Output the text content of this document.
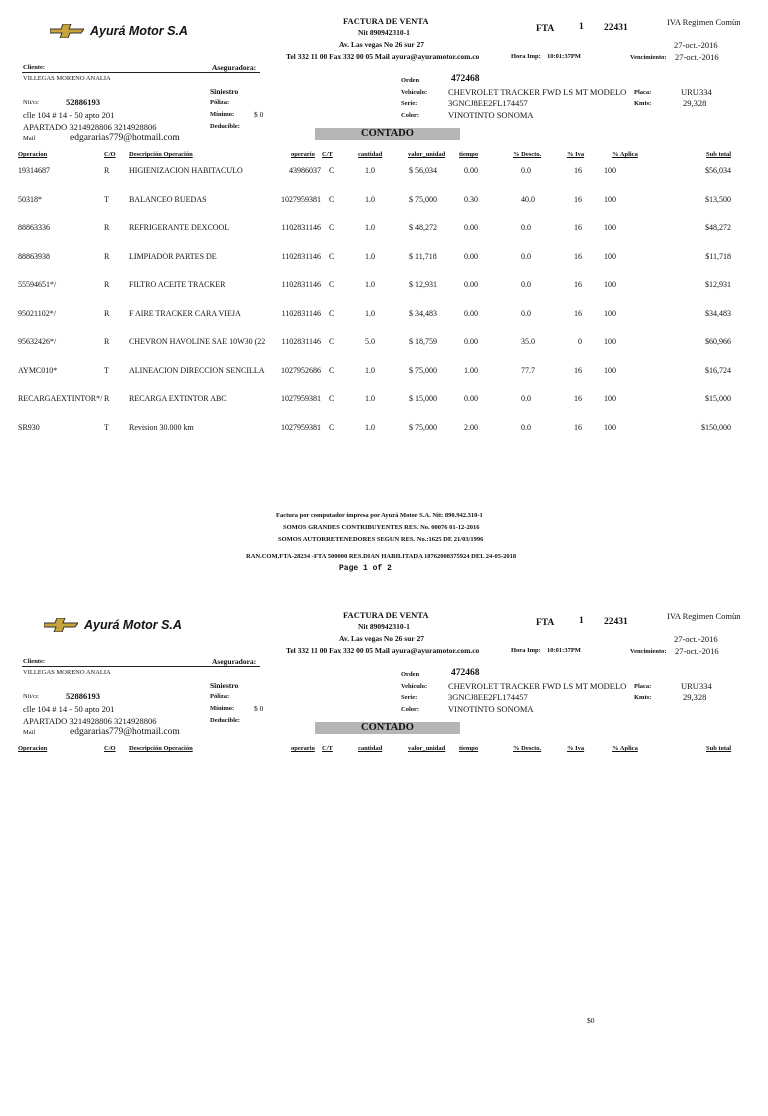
Ayurá Motor S.A
FACTURA DE VENTA
Nit 890942310-1
Av. Las vegas No 26 sur 27
Tel 332 11 00 Fax 332 00 05 Mail ayura@ayuramotor.com.co
FTA	1 22431
IVA Regimen Comùn
27-oct.-2016
Hora Imp: 10:01:37PM	Vencimiento: 27-oct.-2016
Cliente:	Aseguradora:
VILLEGAS MORENO ANALIA
Nit/cc	52886193
clle 104 # 14 - 50 apto 201
APARTADO 3214928806 3214928806
Mail	edgararias779@hotmail.com
Siniestro
Póliza:
Mínimo:	$ 0
Deducible:
Orden	472468
Vehículo: CHEVROLET TRACKER FWD LS MT MODELO
Serie:	3GNCJ8EE2FL174457
Color:	VINOTINTO SONOMA
Placa:	URU334
Kmts:	29,328
CONTADO
Operacion	C/O Descripción Operación	operario C/T	cantidad	valor_unidad tiempo	% Descto.	% Iva	% Aplica	Sub total
19314687	R HIGIENIZACION HABITACULO	43986037 C	1.0	$ 56,034	0.00	0.0	16	100	$56,034
50318*	T	BALANCEO RUEDAS	1027959381 C	1.0	$ 75,000	0.30	40.0	16	100	$13,500
88863336	R REFRIGERANTE DEXCOOL	1102831146 C	1.0	$ 48,272	0.00	0.0	16	100	$48,272
88863938	R LIMPIADOR PARTES DE	1102831146 C	1.0	$ 11,718	0.00	0.0	16	100	$11,718
55594651*/	R FILTRO ACEITE TRACKER	1102831146 C	1.0	$ 12,931	0.00	0.0	16	100	$12,931
95021102*/	R F AIRE TRACKER CARA VIEJA	1102831146 C	1.0	$ 34,483	0.00	0.0	16	100	$34,483
95632426*/	R CHEVRON HAVOLINE SAE 10W30 (22 1102831146 C	5.0	$ 18,759	0.00	35.0	0	100	$60,966
AYMC010*	T	ALINEACION DIRECCION SENCILLA 1027952686 C	1.0	$ 75,000	1.00	77.7	16	100	$16,724
RECARGAEXTINTOR*/ R RECARGA EXTINTOR ABC	1027959381 C	1.0	$ 15,000	0.00	0.0	16	100	$15,000
SR930	T	Revision 30.000 km	1027959381 C	1.0	$ 75,000	2.00	0.0	16	100	$150,000
Factura por computador impresa por Ayurá Motor S.A. Nit: 890.942.310-1
SOMOS GRANDES CONTRIBUYENTES RES. No. 00076 01-12-2016
SOMOS AUTORRETENEDORES SEGUN RES. No.:1625 DE 21/03/1996
RAN.COM.FTA-28234 -FTA 500000 RES.DIAN HABILITADA 18762008375924 DEL 24-05-2018
Page 1 of 2
Ayurá Motor S.A
FACTURA DE VENTA
Nit 890942310-1
Av. Las vegas No 26 sur 27
Tel 332 11 00 Fax 332 00 05 Mail ayura@ayuramotor.com.co
FTA	1 22431
IVA Regimen Comùn
27-oct.-2016
Hora Imp: 10:01:37PM	Vencimiento: 27-oct.-2016
Cliente:	Aseguradora:
VILLEGAS MORENO ANALIA
Nit/cc	52886193
clle 104 # 14 - 50 apto 201
APARTADO 3214928806 3214928806
Mail	edgararias779@hotmail.com
Siniestro
Póliza:
Mínimo:	$ 0
Deducible:
Orden	472468
Vehículo: CHEVROLET TRACKER FWD LS MT MODELO
Serie:	3GNCJ8EE2FL174457
Color:	VINOTINTO SONOMA
Placa:	URU334
Kmts:	29,328
CONTADO
Operacion	C/O Descripción Operación	operario C/T	cantidad	valor_unidad tiempo	% Descto.	% Iva	% Aplica	Sub total
$0
